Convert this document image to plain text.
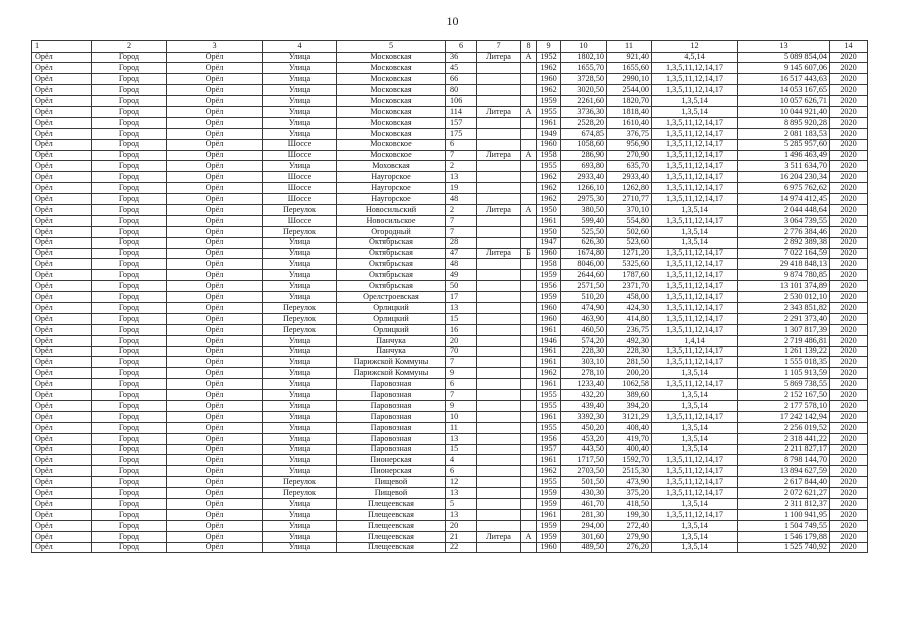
10
1	2	3	4	5	6	7	8	9	10	11	12	13	14
Орёл	Город	Орёл	Улица	Московская	36	Литера	А	1952	1802,10	921,40	4,5,14	5 089 854,04	2020
Орёл	Город	Орёл	Улица	Московская	45			1962	1655,70	1655,60	1,3,5,11,12,14,17	9 145 607,06	2020
Орёл	Город	Орёл	Улица	Московская	66			1960	3728,50	2990,10	1,3,5,11,12,14,17	16 517 443,63	2020
Орёл	Город	Орёл	Улица	Московская	80			1962	3020,50	2544,00	1,3,5,11,12,14,17	14 053 167,65	2020
Орёл	Город	Орёл	Улица	Московская	106			1959	2261,60	1820,70	1,3,5,14	10 057 626,71	2020
Орёл	Город	Орёл	Улица	Московская	114	Литера	А	1955	3736,30	1818,40	1,3,5,14	10 044 921,40	2020
Орёл	Город	Орёл	Улица	Московская	157			1961	2528,20	1610,40	1,3,5,11,12,14,17	8 895 920,28	2020
Орёл	Город	Орёл	Улица	Московская	175			1949	674,85	376,75	1,3,5,11,12,14,17	2 081 183,53	2020
Орёл	Город	Орёл	Шоссе	Московское	6			1960	1058,60	956,90	1,3,5,11,12,14,17	5 285 957,60	2020
Орёл	Город	Орёл	Шоссе	Московское	7	Литера	А	1958	286,90	270,90	1,3,5,11,12,14,17	1 496 463,49	2020
Орёл	Город	Орёл	Улица	Моховская	2			1955	693,80	635,70	1,3,5,11,12,14,17	3 511 634,70	2020
Орёл	Город	Орёл	Шоссе	Наугорское	13			1962	2933,40	2933,40	1,3,5,11,12,14,17	16 204 230,34	2020
Орёл	Город	Орёл	Шоссе	Наугорское	19			1962	1266,10	1262,80	1,3,5,11,12,14,17	6 975 762,62	2020
Орёл	Город	Орёл	Шоссе	Наугорское	48			1962	2975,30	2710,77	1,3,5,11,12,14,17	14 974 412,45	2020
Орёл	Город	Орёл	Переулок	Новосильский	2	Литера	А	1950	380,50	370,10	1,3,5,14	2 044 448,64	2020
Орёл	Город	Орёл	Шоссе	Новосильское	7			1961	599,40	554,80	1,3,5,11,12,14,17	3 064 739,55	2020
Орёл	Город	Орёл	Переулок	Огородный	7			1950	525,50	502,60	1,3,5,14	2 776 384,46	2020
Орёл	Город	Орёл	Улица	Октябрьская	28			1947	626,30	523,60	1,3,5,14	2 892 389,38	2020
Орёл	Город	Орёл	Улица	Октябрьская	47	Литера	Б	1960	1674,80	1271,20	1,3,5,11,12,14,17	7 022 164,59	2020
Орёл	Город	Орёл	Улица	Октябрьская	48			1958	8046,00	5325,60	1,3,5,11,12,14,17	29 418 848,13	2020
Орёл	Город	Орёл	Улица	Октябрьская	49			1959	2644,60	1787,60	1,3,5,11,12,14,17	9 874 780,85	2020
Орёл	Город	Орёл	Улица	Октябрьская	50			1956	2571,50	2371,70	1,3,5,11,12,14,17	13 101 374,89	2020
Орёл	Город	Орёл	Улица	Орелстроевская	17			1959	510,20	458,00	1,3,5,11,12,14,17	2 530 012,10	2020
Орёл	Город	Орёл	Переулок	Орлицкий	13			1960	474,90	424,30	1,3,5,11,12,14,17	2 343 851,82	2020
Орёл	Город	Орёл	Переулок	Орлицкий	15			1960	463,90	414,80	1,3,5,11,12,14,17	2 291 373,40	2020
Орёл	Город	Орёл	Переулок	Орлицкий	16			1961	460,50	236,75	1,3,5,11,12,14,17	1 307 817,39	2020
Орёл	Город	Орёл	Улица	Панчука	20			1946	574,20	492,30	1,4,14	2 719 486,81	2020
Орёл	Город	Орёл	Улица	Панчука	70			1961	228,30	228,30	1,3,5,11,12,14,17	1 261 139,22	2020
Орёл	Город	Орёл	Улица	Парижской Коммуны	7			1961	303,10	281,50	1,3,5,11,12,14,17	1 555 018,35	2020
Орёл	Город	Орёл	Улица	Парижской Коммуны	9			1962	278,10	200,20	1,3,5,14	1 105 913,59	2020
Орёл	Город	Орёл	Улица	Паровозная	6			1961	1233,40	1062,58	1,3,5,11,12,14,17	5 869 738,55	2020
Орёл	Город	Орёл	Улица	Паровозная	7			1955	432,20	389,60	1,3,5,14	2 152 167,50	2020
Орёл	Город	Орёл	Улица	Паровозная	9			1955	439,40	394,20	1,3,5,14	2 177 578,10	2020
Орёл	Город	Орёл	Улица	Паровозная	10			1961	3392,30	3121,29	1,3,5,11,12,14,17	17 242 142,94	2020
Орёл	Город	Орёл	Улица	Паровозная	11			1955	450,20	408,40	1,3,5,14	2 256 019,52	2020
Орёл	Город	Орёл	Улица	Паровозная	13			1956	453,20	419,70	1,3,5,14	2 318 441,22	2020
Орёл	Город	Орёл	Улица	Паровозная	15			1957	443,50	400,40	1,3,5,14	2 211 827,17	2020
Орёл	Город	Орёл	Улица	Пионерская	4			1961	1717,50	1592,70	1,3,5,11,12,14,17	8 798 144,70	2020
Орёл	Город	Орёл	Улица	Пионерская	6			1962	2703,50	2515,30	1,3,5,11,12,14,17	13 894 627,59	2020
Орёл	Город	Орёл	Переулок	Пищевой	12			1955	501,50	473,90	1,3,5,11,12,14,17	2 617 844,40	2020
Орёл	Город	Орёл	Переулок	Пищевой	13			1959	430,30	375,20	1,3,5,11,12,14,17	2 072 621,27	2020
Орёл	Город	Орёл	Улица	Плещеевская	5			1959	461,70	418,50	1,3,5,14	2 311 812,37	2020
Орёл	Город	Орёл	Улица	Плещеевская	13			1961	281,30	199,30	1,3,5,11,12,14,17	1 100 941,95	2020
Орёл	Город	Орёл	Улица	Плещеевская	20			1959	294,00	272,40	1,3,5,14	1 504 749,55	2020
Орёл	Город	Орёл	Улица	Плещеевская	21	Литера	А	1959	301,60	279,90	1,3,5,14	1 546 179,88	2020
Орёл	Город	Орёл	Улица	Плещеевская	22			1960	489,50	276,20	1,3,5,14	1 525 740,92	2020
